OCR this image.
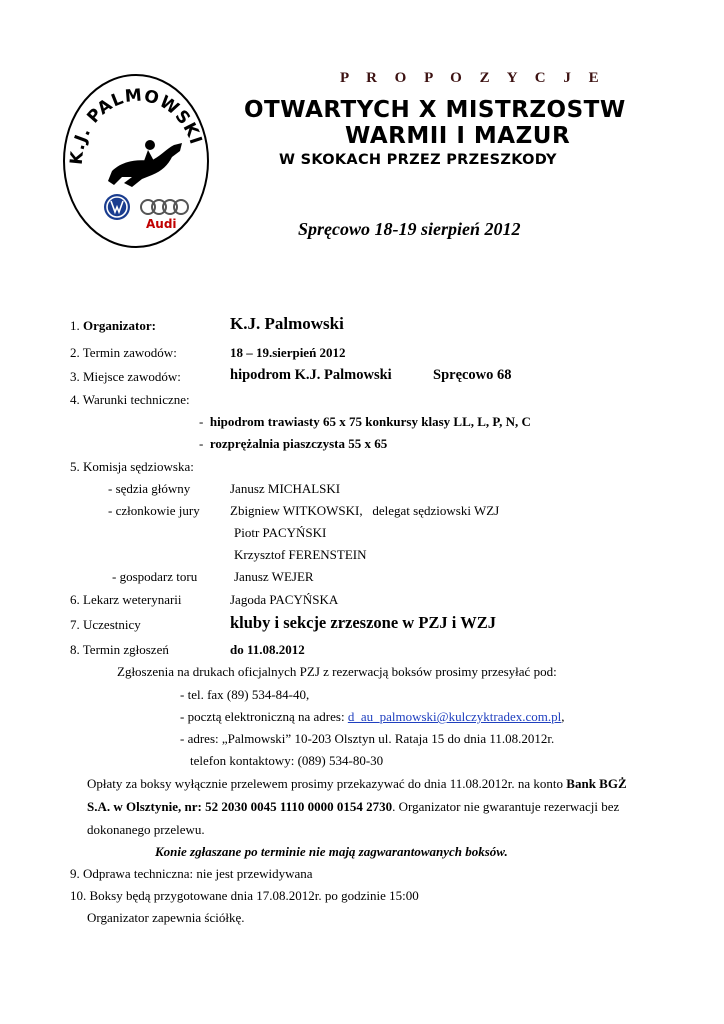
K.J. PALMOWSKI
Audi
P R O P O Z Y C J E
OTWARTYCH X MISTRZOSTW
WARMII I MAZUR
W SKOKACH PRZEZ PRZESZKODY
Spręcowo 18-19 sierpień 2012
1. Organizator:	K.J. Palmowski
2. Termin zawodów:	18 – 19.sierpień 2012
3. Miejsce zawodów:	hipodrom K.J. Palmowski	Spręcowo 68
4. Warunki techniczne:
- hipodrom trawiasty 65 x 75 konkursy klasy LL, L, P, N, C
- rozprężalnia piaszczysta 55 x 65
5. Komisja sędziowska:
- sędzia główny	Janusz MICHALSKI
- członkowie jury Zbigniew WITKOWSKI,   delegat sędziowski WZJ
Piotr PACYŃSKI
Krzysztof FERENSTEIN
- gospodarz toru	Janusz WEJER
6. Lekarz weterynarii	Jagoda PACYŃSKA
7. Uczestnicy	kluby i sekcje zrzeszone w PZJ i WZJ
8. Termin zgłoszeń	do 11.08.2012
Zgłoszenia na drukach oficjalnych PZJ z rezerwacją boksów prosimy przesyłać pod:
- tel. fax (89) 534-84-40,
- pocztą elektroniczną na adres: d_au_palmowski@kulczyktradex.com.pl,
- adres: „Palmowski” 10-203 Olsztyn ul. Rataja 15 do dnia 11.08.2012r.
telefon kontaktowy: (089) 534-80-30
Opłaty za boksy wyłącznie przelewem prosimy przekazywać do dnia 11.08.2012r. na konto Bank BGŻ
S.A. w Olsztynie, nr: 52 2030 0045 1110 0000 0154 2730. Organizator nie gwarantuje rezerwacji bez
dokonanego przelewu.
Konie zgłaszane po terminie nie mają zagwarantowanych boksów.
9. Odprawa techniczna: nie jest przewidywana
10. Boksy będą przygotowane dnia 17.08.2012r. po godzinie 15:00
Organizator zapewnia ściółkę.
